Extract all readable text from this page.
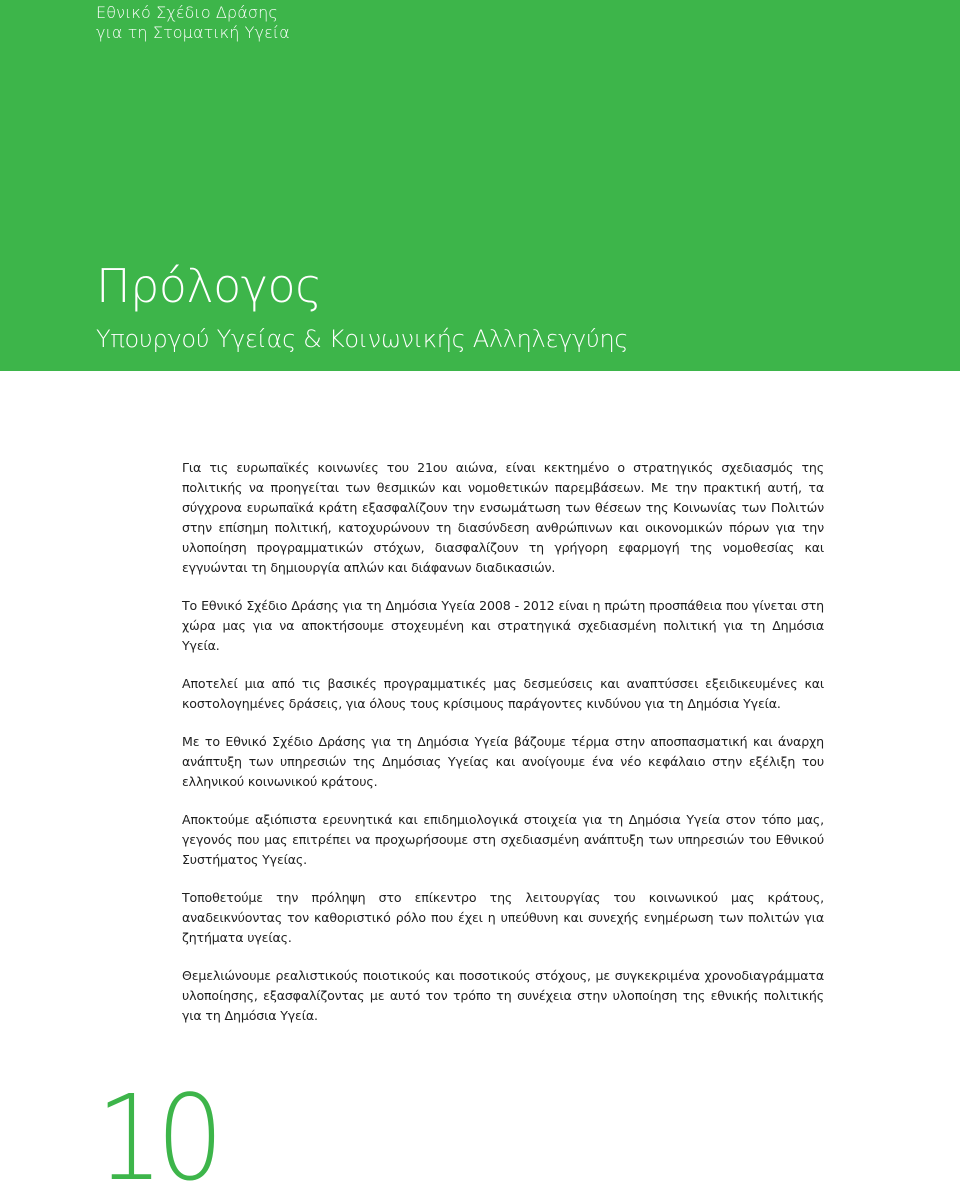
Εθνικό Σχέδιο Δράσης
για τη Στοματική Υγεία
Πρόλογος
Υπουργού Υγείας & Κοινωνικής Αλληλεγγύης

Για τις ευρωπαϊκές κοινωνίες του 21ου αιώνα, είναι κεκτημένο ο στρατηγικός σχεδιασμός της πολιτικής να προηγείται των θεσμικών και νομοθετικών παρεμβάσεων. Με την πρακτική αυτή, τα σύγχρονα ευρωπαϊκά κράτη εξασφαλίζουν την ενσωμάτωση των θέσεων της Κοινωνίας των Πολιτών στην επίσημη πολιτική, κατοχυρώνουν τη διασύνδεση ανθρώπινων και οικονομικών πόρων για την υλοποίηση προγραμματικών στόχων, διασφαλίζουν τη γρήγορη εφαρμογή της νομοθεσίας και εγγυώνται τη δημιουργία απλών και διάφανων διαδικασιών.

Το Εθνικό Σχέδιο Δράσης για τη Δημόσια Υγεία 2008 - 2012 είναι η πρώτη προσπάθεια που γίνεται στη χώρα μας για να αποκτήσουμε στοχευμένη και στρατηγικά σχεδιασμένη πολιτική για τη Δημόσια Υγεία.

Αποτελεί μια από τις βασικές προγραμματικές μας δεσμεύσεις και αναπτύσσει εξειδικευμένες και κοστολογημένες δράσεις, για όλους τους κρίσιμους παράγοντες κινδύνου για τη Δημόσια Υγεία.

Με το Εθνικό Σχέδιο Δράσης για τη Δημόσια Υγεία βάζουμε τέρμα στην αποσπασματική και άναρχη ανάπτυξη των υπηρεσιών της Δημόσιας Υγείας και ανοίγουμε ένα νέο κεφάλαιο στην εξέλιξη του ελληνικού κοινωνικού κράτους.

Αποκτούμε αξιόπιστα ερευνητικά και επιδημιολογικά στοιχεία για τη Δημόσια Υγεία στον τόπο μας, γεγονός που μας επιτρέπει να προχωρήσουμε στη σχεδιασμένη ανάπτυξη των υπηρεσιών του Εθνικού Συστήματος Υγείας.

Τοποθετούμε την πρόληψη στο επίκεντρο της λειτουργίας του κοινωνικού μας κράτους, αναδεικνύοντας τον καθοριστικό ρόλο που έχει η υπεύθυνη και συνεχής ενημέρωση των πολιτών για ζητήματα υγείας.

Θεμελιώνουμε ρεαλιστικούς ποιοτικούς και ποσοτικούς στόχους, με συγκεκριμένα χρονοδιαγράμματα υλοποίησης, εξασφαλίζοντας με αυτό τον τρόπο τη συνέχεια στην υλοποίηση της εθνικής πολιτικής για τη Δημόσια Υγεία.

10
